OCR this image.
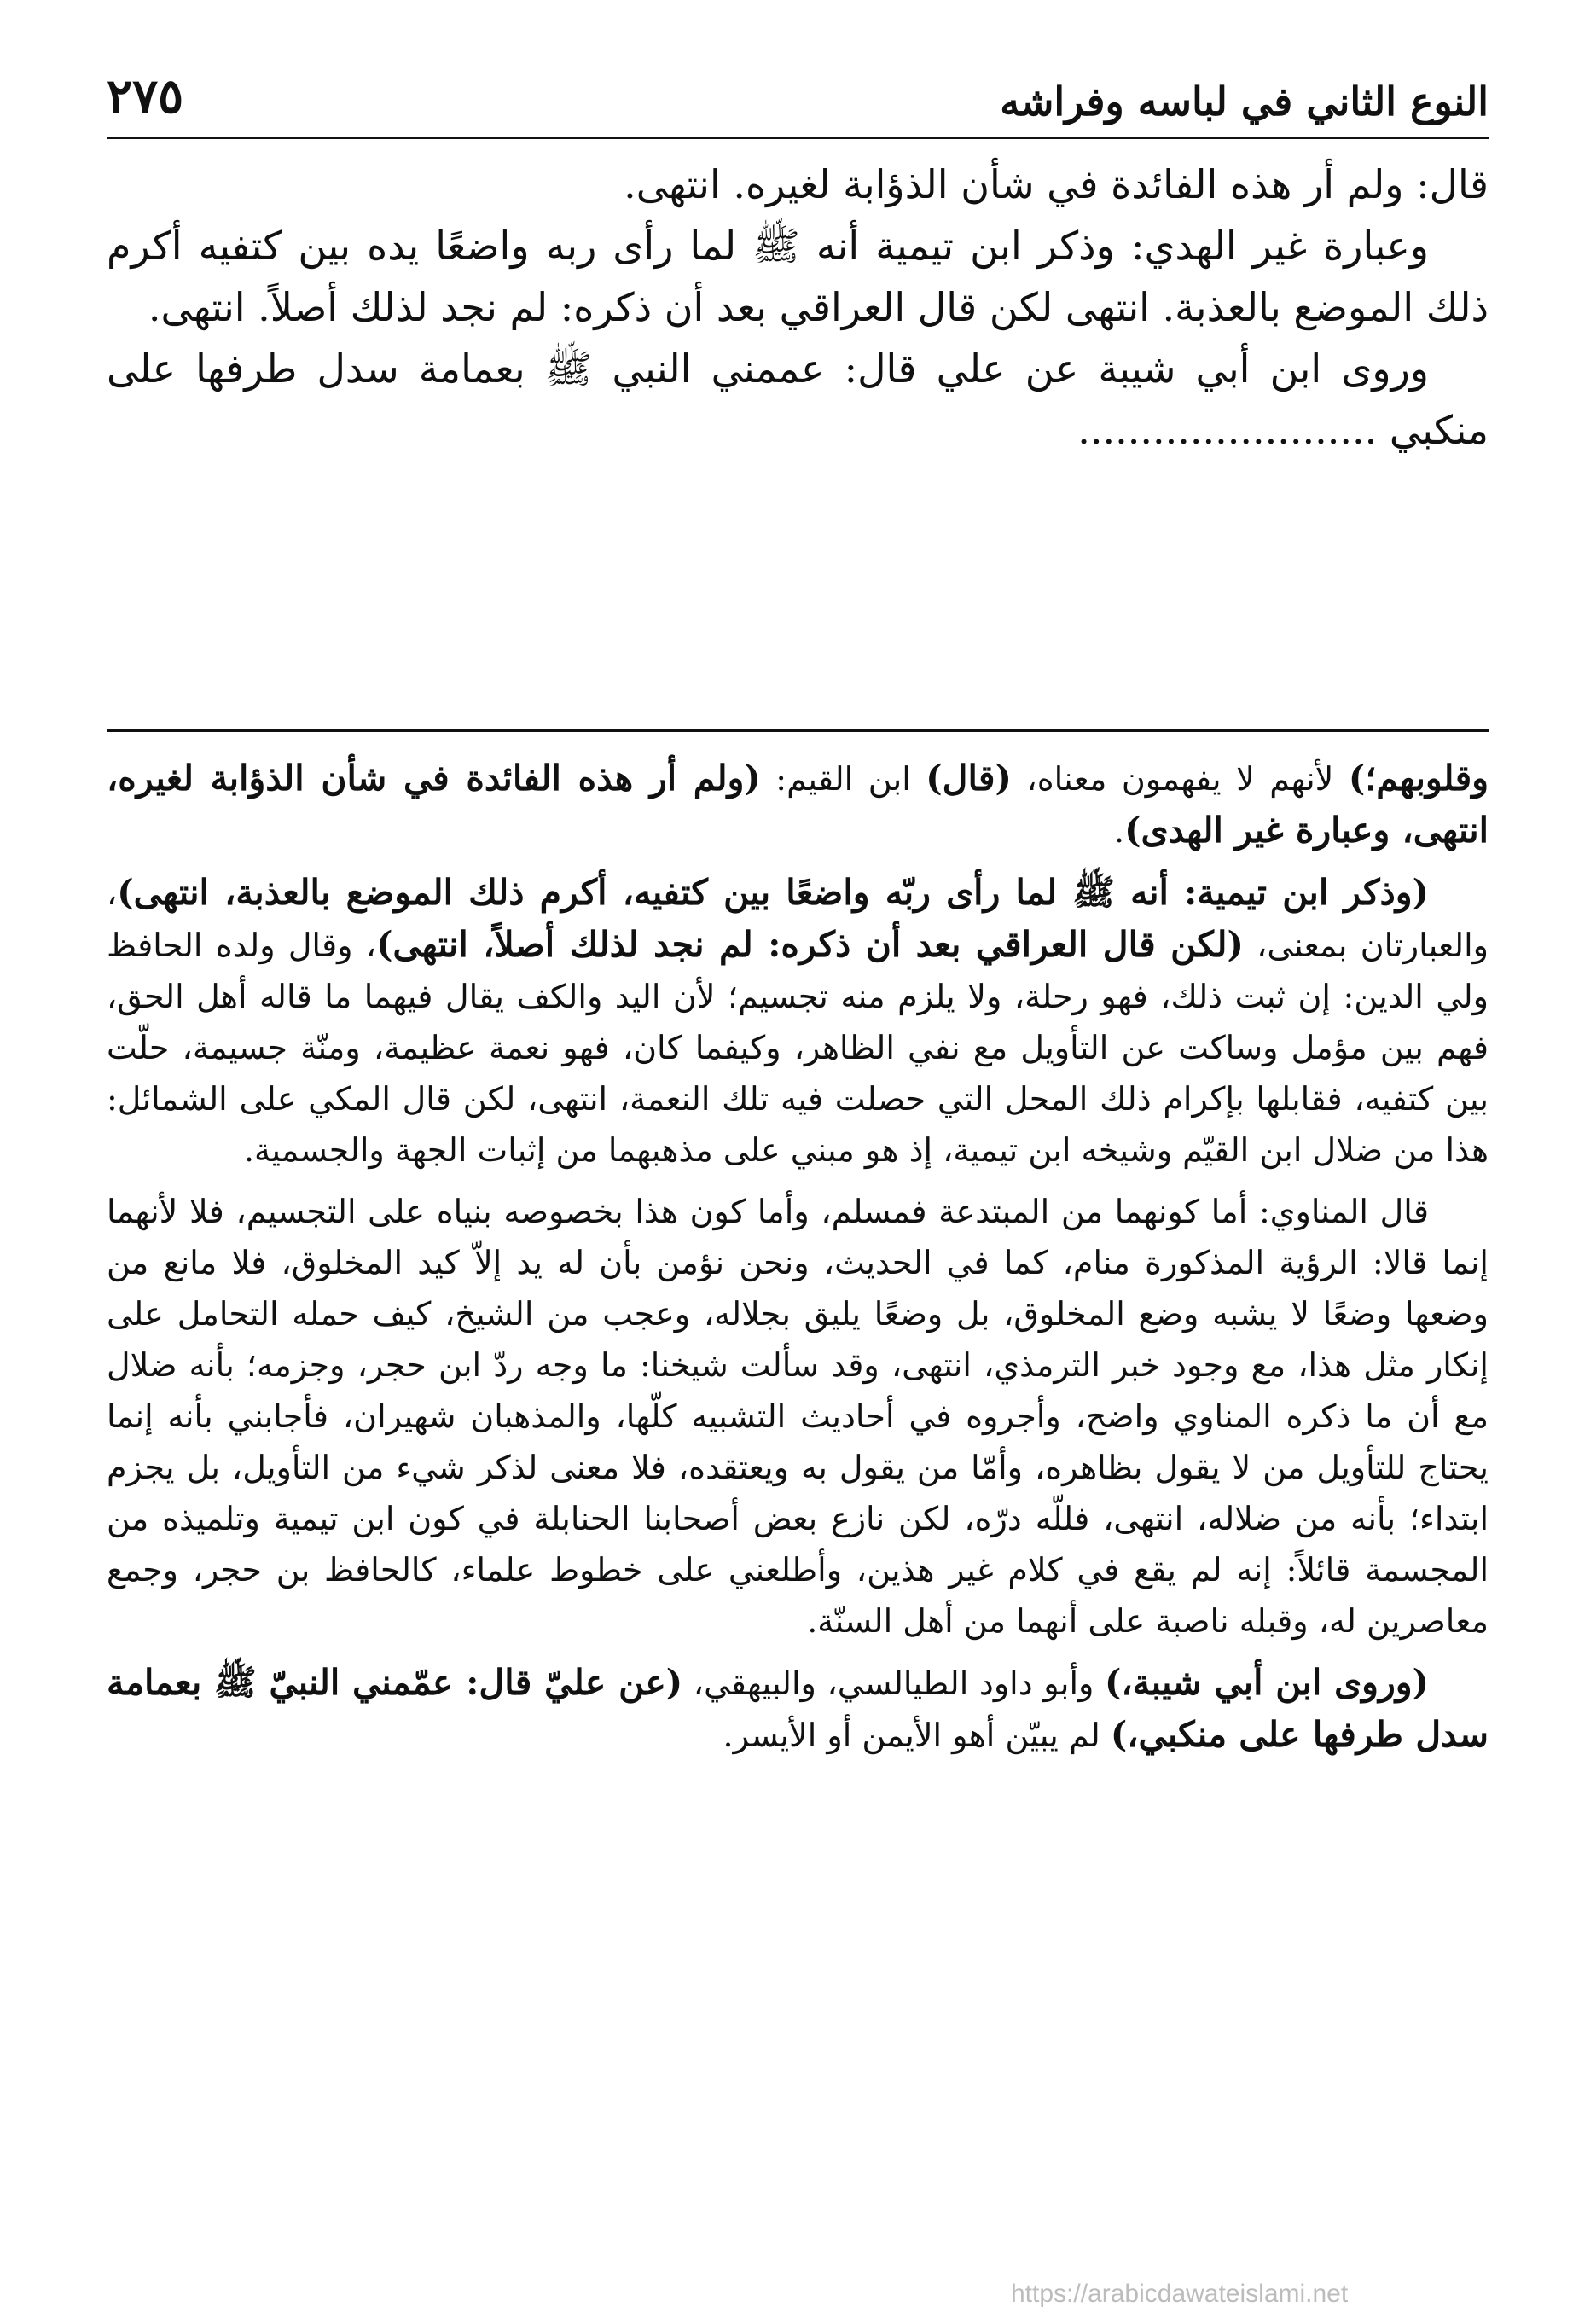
النوع الثاني في لباسه وفراشه
٢٧٥

قال: ولم أر هذه الفائدة في شأن الذؤابة لغيره. انتهى.

وعبارة غير الهدي: وذكر ابن تيمية أنه ﷺ لما رأى ربه واضعًا يده بين كتفيه أكرم ذلك الموضع بالعذبة. انتهى لكن قال العراقي بعد أن ذكره: لم نجد لذلك أصلاً. انتهى.

وروى ابن أبي شيبة عن علي قال: عممني النبي ﷺ بعمامة سدل طرفها على منكبي ........................

وقلوبهم؛) لأنهم لا يفهمون معناه، (قال) ابن القيم: (ولم أر هذه الفائدة في شأن الذؤابة لغيره، انتهى، وعبارة غير الهدى).

(وذكر ابن تيمية: أنه ﷺ لما رأى ربّه واضعًا بين كتفيه، أكرم ذلك الموضع بالعذبة، انتهى)، والعبارتان بمعنى، (لكن قال العراقي بعد أن ذكره: لم نجد لذلك أصلاً، انتهى)، وقال ولده الحافظ ولي الدين: إن ثبت ذلك، فهو رحلة، ولا يلزم منه تجسيم؛ لأن اليد والكف يقال فيهما ما قاله أهل الحق، فهم بين مؤمل وساكت عن التأويل مع نفي الظاهر، وكيفما كان، فهو نعمة عظيمة، ومنّة جسيمة، حلّت بين كتفيه، فقابلها بإكرام ذلك المحل التي حصلت فيه تلك النعمة، انتهى، لكن قال المكي على الشمائل: هذا من ضلال ابن القيّم وشيخه ابن تيمية، إذ هو مبني على مذهبهما من إثبات الجهة والجسمية.

قال المناوي: أما كونهما من المبتدعة فمسلم، وأما كون هذا بخصوصه بنياه على التجسيم، فلا لأنهما إنما قالا: الرؤية المذكورة منام، كما في الحديث، ونحن نؤمن بأن له يد إلاّ كيد المخلوق، فلا مانع من وضعها وضعًا لا يشبه وضع المخلوق، بل وضعًا يليق بجلاله، وعجب من الشيخ، كيف حمله التحامل على إنكار مثل هذا، مع وجود خبر الترمذي، انتهى، وقد سألت شيخنا: ما وجه ردّ ابن حجر، وجزمه؛ بأنه ضلال مع أن ما ذكره المناوي واضح، وأجروه في أحاديث التشبيه كلّها، والمذهبان شهيران، فأجابني بأنه إنما يحتاج للتأويل من لا يقول بظاهره، وأمّا من يقول به ويعتقده، فلا معنى لذكر شيء من التأويل، بل يجزم ابتداء؛ بأنه من ضلاله، انتهى، فللّه درّه، لكن نازع بعض أصحابنا الحنابلة في كون ابن تيمية وتلميذه من المجسمة قائلاً: إنه لم يقع في كلام غير هذين، وأطلعني على خطوط علماء، كالحافظ بن حجر، وجمع معاصرين له، وقبله ناصبة على أنهما من أهل السنّة.

(وروى ابن أبي شيبة،) وأبو داود الطيالسي، والبيهقي، (عن عليّ قال: عمّمني النبيّ ﷺ بعمامة سدل طرفها على منكبي،) لم يبيّن أهو الأيمن أو الأيسر.

https://arabicdawateislami.net
